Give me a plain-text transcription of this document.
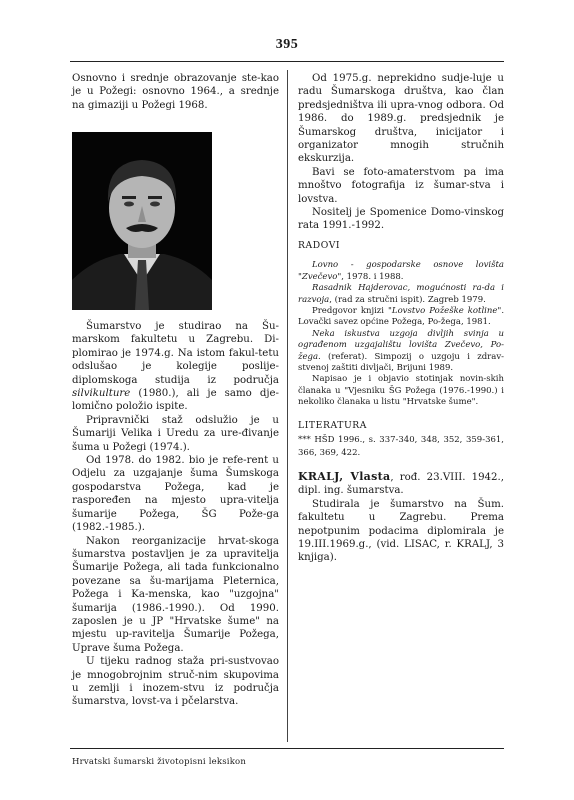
395

Osnovno i srednje obrazovanje ste-kao je u Požegi: osnovno 1964., a srednje na gimaziji u Požegi 1968.

Šumarstvo je studirao na Šu-marskom fakultetu u Zagrebu. Di-plomirao je 1974.g. Na istom fakul-tetu odslušao je kolegije poslije-diplomskoga studija iz područja silvikulture (1980.), ali je samo dje-lomično položio ispite.

Pripravnički staž odslužio je u Šumariji Velika i Uredu za ure-đivanje šuma u Požegi (1974.).

Od 1978. do 1982. bio je refe-rent u Odjelu za uzgajanje šuma Šumskoga gospodarstva Požega, kad je raspoređen na mjesto upra-vitelja šumarije Požega, ŠG Pože-ga (1982.-1985.).

Nakon reorganizacije hrvat-skoga šumarstva postavljen je za upravitelja Šumarije Požega, ali tada funkcionalno povezane sa šu-marijama Pleternica, Požega i Ka-menska, kao "uzgojna" šumarija (1986.-1990.). Od 1990. zaposlen je u JP "Hrvatske šume" na mjestu up-ravitelja Šumarije Požega, Uprave šuma Požega.

U tijeku radnog staža pri-sustvovao je mnogobrojnim struč-nim skupovima u zemlji i inozem-stvu iz područja šumarstva, lovst-va i pčelarstva.

Od 1975.g. neprekidno sudje-luje u radu Šumarskoga društva, kao član predsjedništva ili upra-vnog odbora. Od 1986. do 1989.g. predsjednik je Šumarskog društva, inicijator i organizator mnogih stručnih ekskurzija.

Bavi se foto-amaterstvom pa ima mnoštvo fotografija iz šumar-stva i lovstva.

Nositelj je Spomenice Domo-vinskog rata 1991.-1992.

RADOVI

Lovno - gospodarske osnove lovišta "Zvečevo", 1978. i 1988.

Rasadnik Hajderovac, mogućnosti ra-da i razvoja, (rad za stručni ispit). Zagreb 1979.

Predgovor knjizi "Lovstvo Požeške kotline". Lovački savez općine Požega, Po-žega, 1981.

Neka iskustva uzgoja divljih svinja u ograđenom uzgajalištu lovišta Zvečevo, Po-žega. (referat). Simpozij o uzgoju i zdrav-stvenoj zaštiti divljači, Brijuni 1989.

Napisao je i objavio stotinjak novin-skih članaka u "Vjesniku ŠG Požega (1976.-1990.) i nekoliko članaka u listu "Hrvatske šume".

LITERATURA
*** HŠD 1996., s. 337-340, 348, 352, 359-361, 366, 369, 422.

KRALJ, Vlasta, rođ. 23.VIII. 1942., dipl. ing. šumarstva.

Studirala je šumarstvo na Šum. fakultetu u Zagrebu. Prema nepotpunim podacima diplomirala je 19.III.1969.g., (vid. LISAC, r. KRALJ, 3 knjiga).

Hrvatski šumarski životopisni leksikon
